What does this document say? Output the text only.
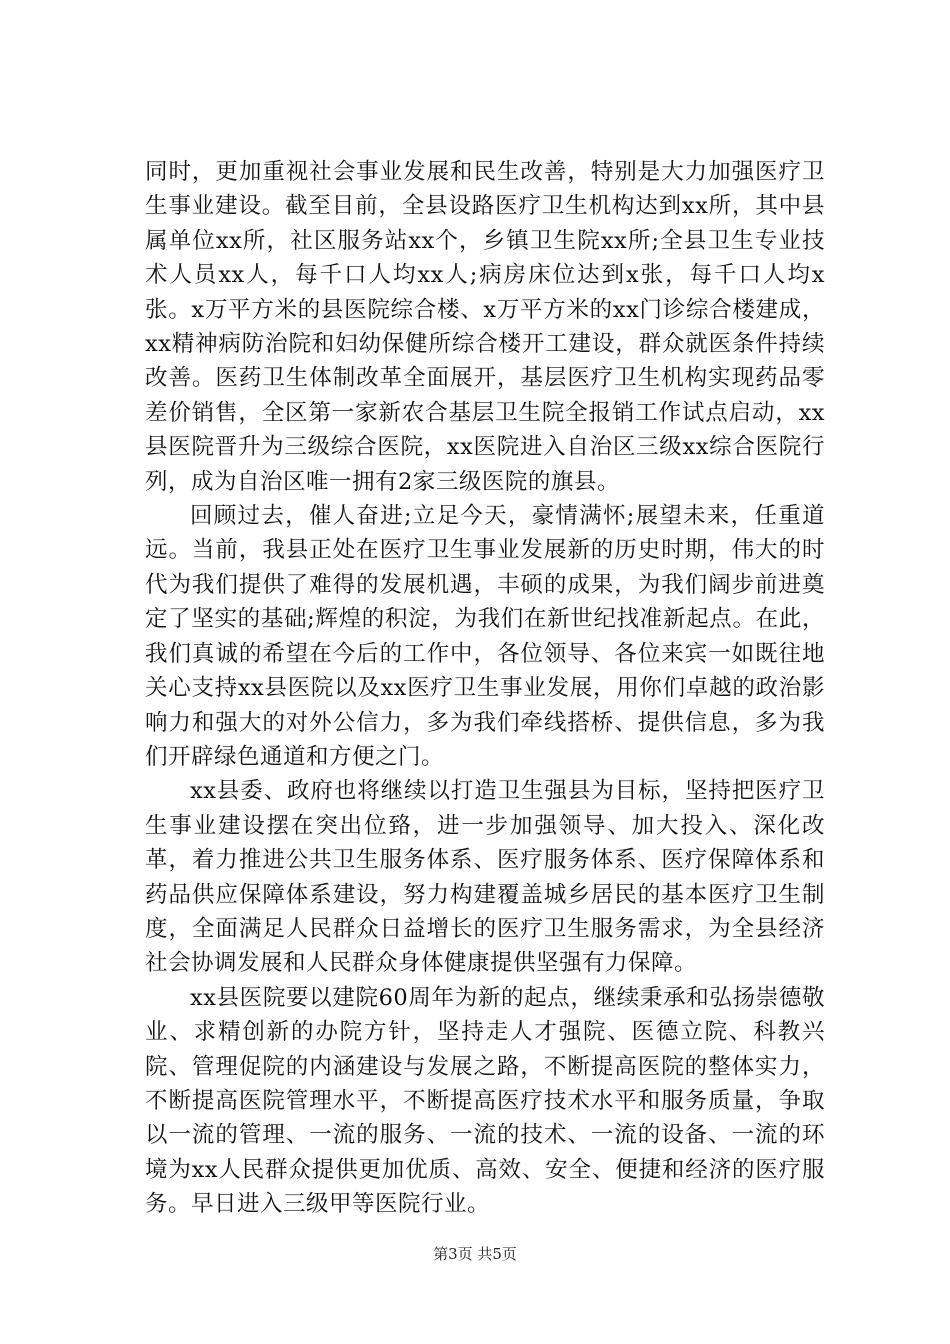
同时，更加重视社会事业发展和民生改善，特别是大力加强医疗卫生事业建设。截至目前，全县设路医疗卫生机构达到xx所，其中县属单位xx所，社区服务站xx个，乡镇卫生院xx所;全县卫生专业技术人员xx人，每千口人均xx人;病房床位达到x张，每千口人均x张。x万平方米的县医院综合楼、x万平方米的xx门诊综合楼建成，xx精神病防治院和妇幼保健所综合楼开工建设，群众就医条件持续改善。医药卫生体制改革全面展开，基层医疗卫生机构实现药品零差价销售，全区第一家新农合基层卫生院全报销工作试点启动，xx县医院晋升为三级综合医院，xx医院进入自治区三级xx综合医院行列，成为自治区唯一拥有2家三级医院的旗县。

回顾过去，催人奋进;立足今天，豪情满怀;展望未来，任重道远。当前，我县正处在医疗卫生事业发展新的历史时期，伟大的时代为我们提供了难得的发展机遇，丰硕的成果，为我们阔步前进奠定了坚实的基础;辉煌的积淀，为我们在新世纪找准新起点。在此，我们真诚的希望在今后的工作中，各位领导、各位来宾一如既往地关心支持xx县医院以及xx医疗卫生事业发展，用你们卓越的政治影响力和强大的对外公信力，多为我们牵线搭桥、提供信息，多为我们开辟绿色通道和方便之门。

xx县委、政府也将继续以打造卫生强县为目标，坚持把医疗卫生事业建设摆在突出位臵，进一步加强领导、加大投入、深化改革，着力推进公共卫生服务体系、医疗服务体系、医疗保障体系和药品供应保障体系建设，努力构建覆盖城乡居民的基本医疗卫生制度，全面满足人民群众日益增长的医疗卫生服务需求，为全县经济社会协调发展和人民群众身体健康提供坚强有力保障。

xx县医院要以建院60周年为新的起点，继续秉承和弘扬崇德敬业、求精创新的办院方针，坚持走人才强院、医德立院、科教兴院、管理促院的内涵建设与发展之路，不断提高医院的整体实力，不断提高医院管理水平，不断提高医疗技术水平和服务质量，争取以一流的管理、一流的服务、一流的技术、一流的设备、一流的环境为xx人民群众提供更加优质、高效、安全、便捷和经济的医疗服务。早日进入三级甲等医院行业。

第3页 共5页
